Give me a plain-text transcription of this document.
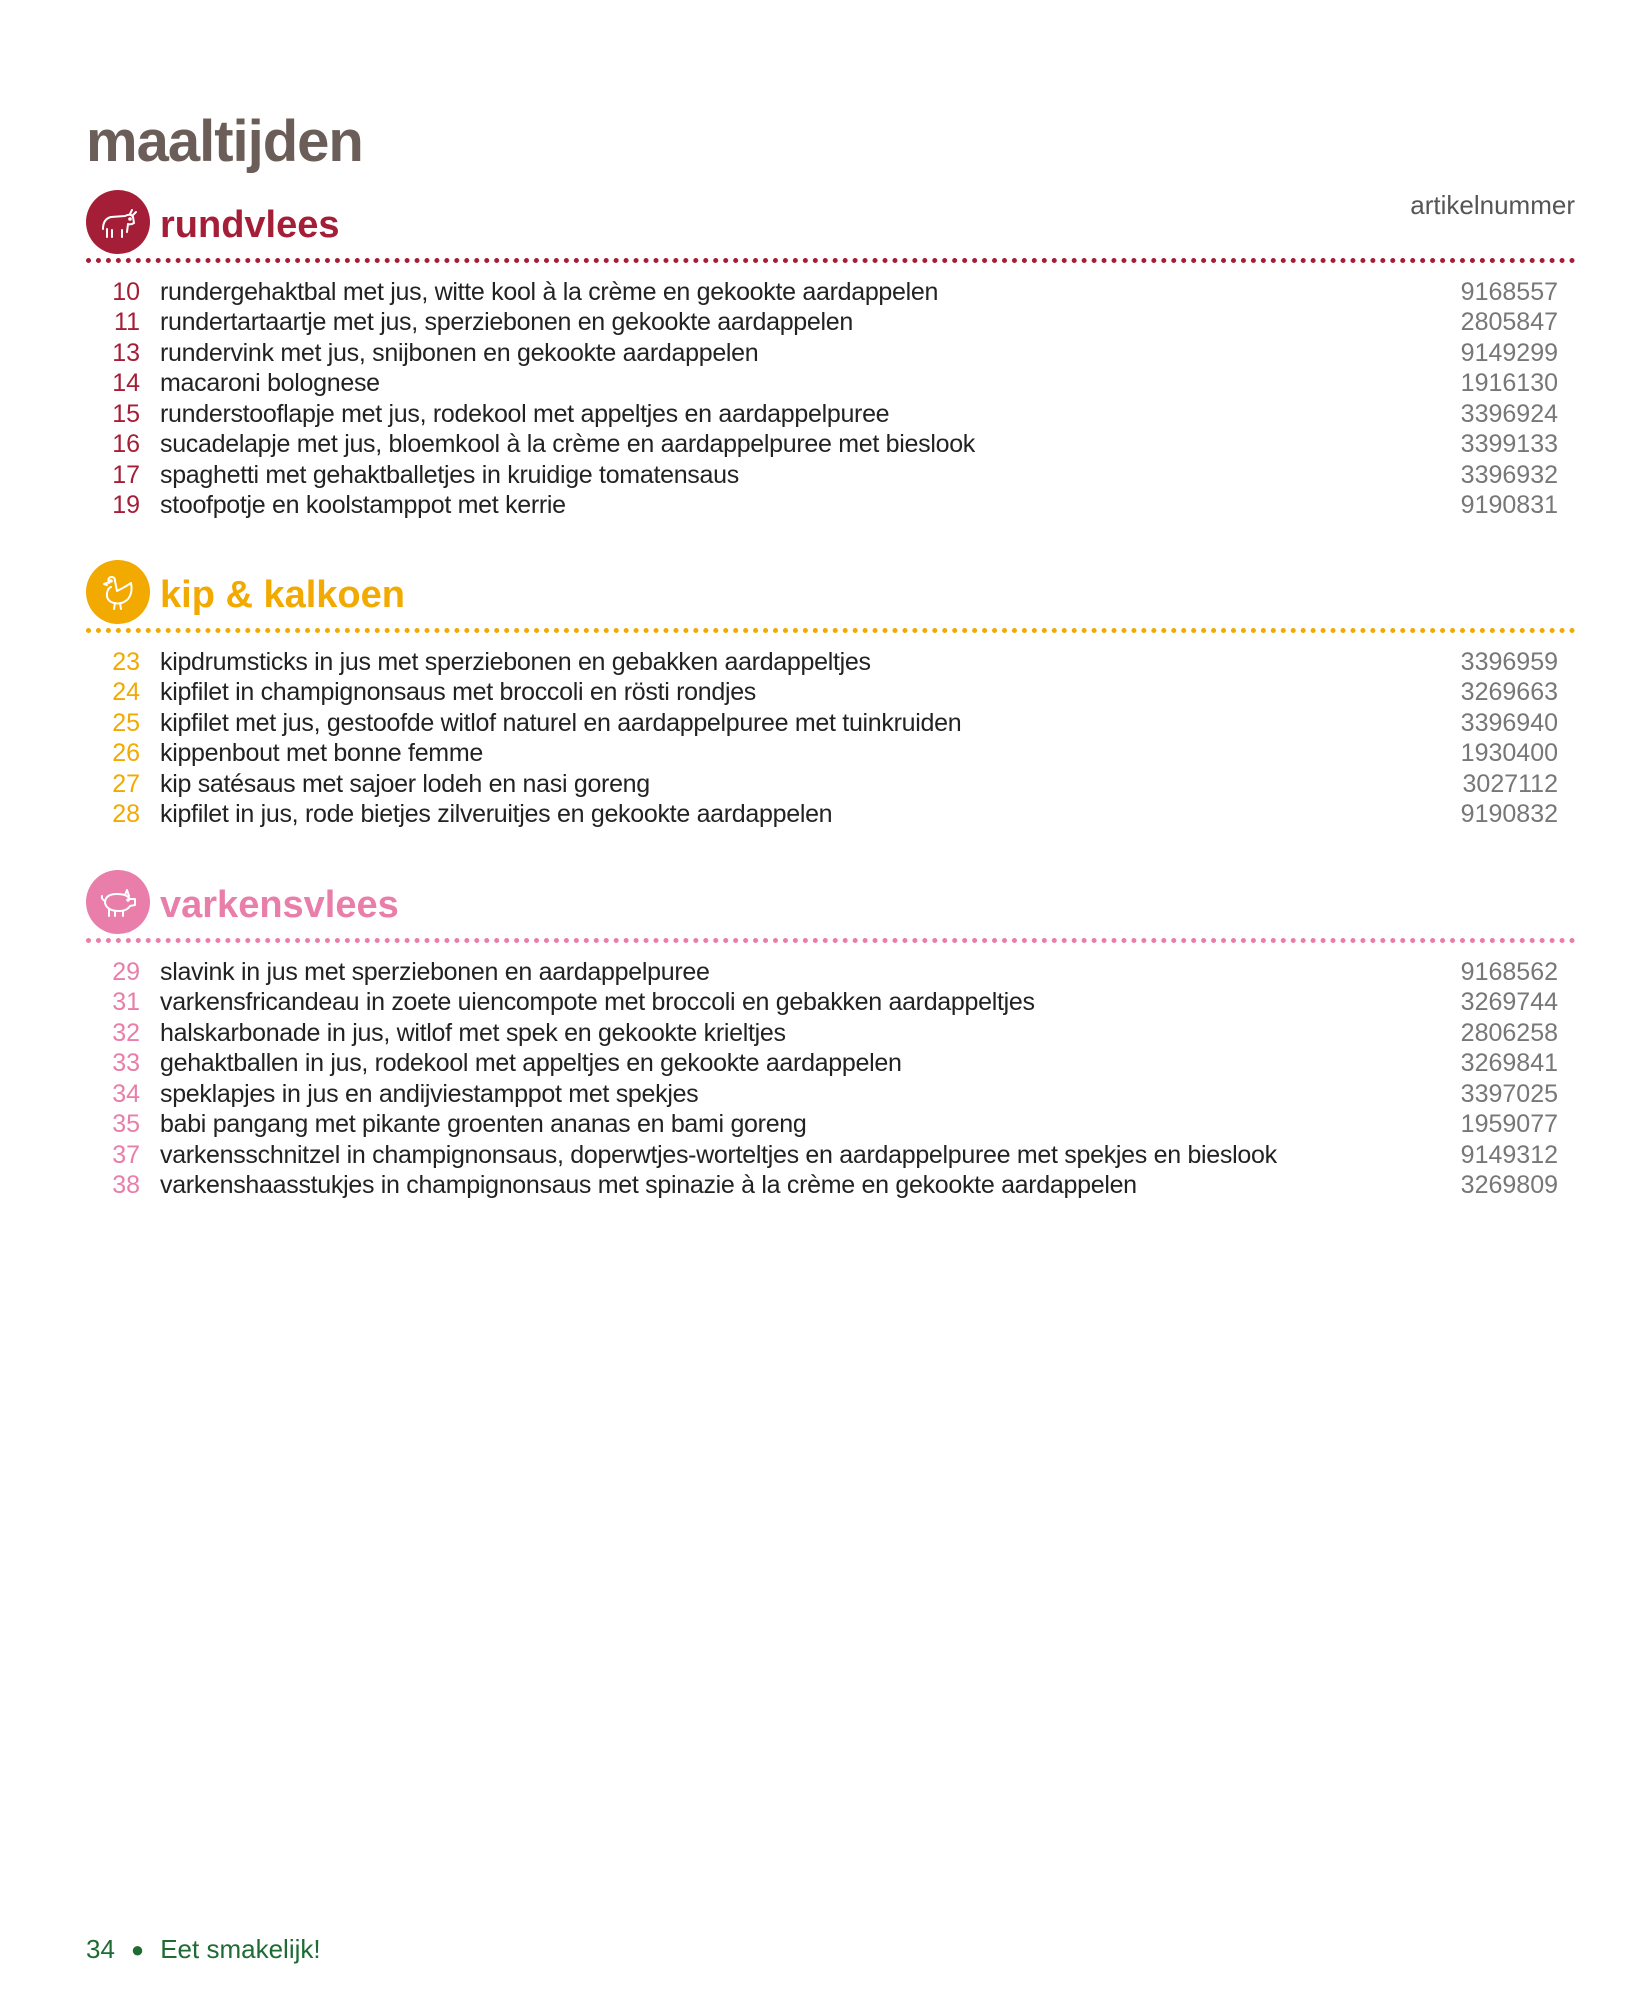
maaltijden
artikelnummer
rundvlees
10 rundergehaktbal met jus, witte kool à la crème en gekookte aardappelen	9168557
11 rundertartaartje met jus, sperziebonen en gekookte aardappelen	2805847
13 rundervink met jus, snijbonen en gekookte aardappelen	9149299
14 macaroni bolognese	1916130
15 runderstooflapje met jus, rodekool met appeltjes en aardappelpuree	3396924
16 sucadelapje met jus, bloemkool à la crème en aardappelpuree met bieslook	3399133
17 spaghetti met gehaktballetjes in kruidige tomatensaus	3396932
19 stoofpotje en koolstamppot met kerrie	9190831
kip & kalkoen
23 kipdrumsticks in jus met sperziebonen en gebakken aardappeltjes	3396959
24 kipfilet in champignonsaus met broccoli en rösti rondjes	3269663
25 kipfilet met jus, gestoofde witlof naturel en aardappelpuree met tuinkruiden	3396940
26 kippenbout met bonne femme	1930400
27 kip satésaus met sajoer lodeh en nasi goreng	3027112
28 kipfilet in jus, rode bietjes zilveruitjes en gekookte aardappelen	9190832
varkensvlees
29 slavink in jus met sperziebonen en aardappelpuree	9168562
31 varkensfricandeau in zoete uiencompote met broccoli en gebakken aardappeltjes	3269744
32 halskarbonade in jus, witlof met spek en gekookte krieltjes	2806258
33 gehaktballen in jus, rodekool met appeltjes en gekookte aardappelen	3269841
34 speklapjes in jus en andijviestamppot met spekjes	3397025
35 babi pangang met pikante groenten ananas en bami goreng	1959077
37 varkensschnitzel in champignonsaus, doperwtjes-worteltjes en aardappelpuree met spekjes en bieslook	9149312
38 varkenshaasstukjes in champignonsaus met spinazie à la crème en gekookte aardappelen	3269809
34 ● Eet smakelijk!
